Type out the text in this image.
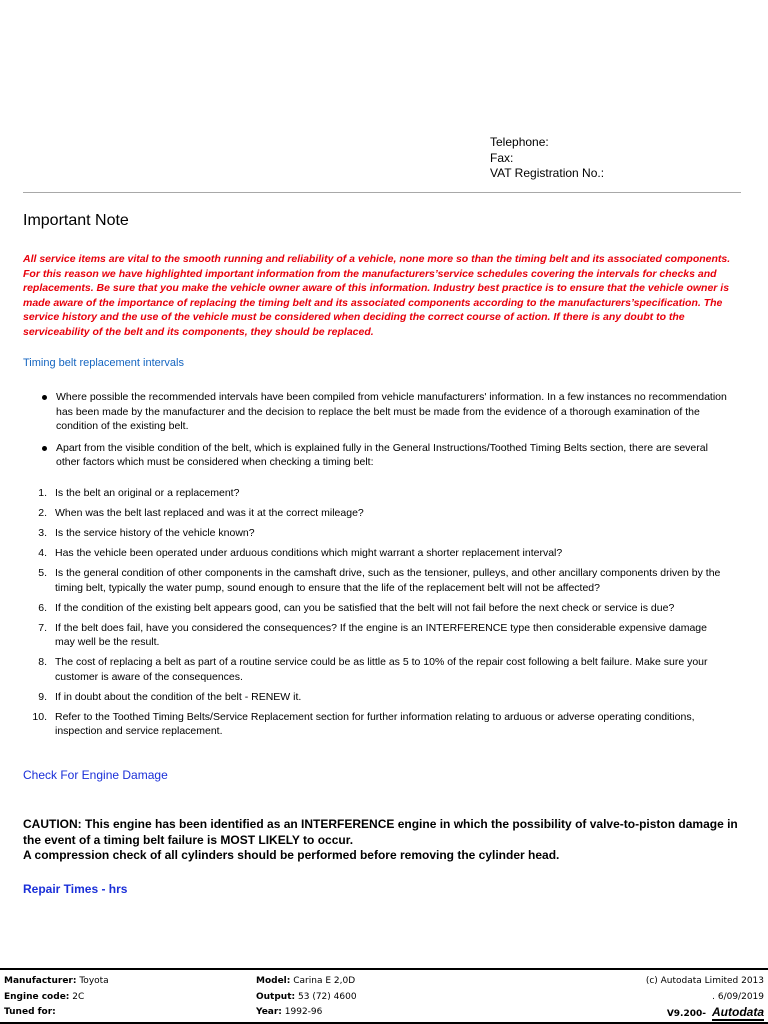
Telephone:
Fax:
VAT Registration No.:
Important Note

All service items are vital to the smooth running and reliability of a vehicle, none more so than the timing belt and its associated components. For this reason we have highlighted important information from the manufacturers’service schedules covering the intervals for checks and replacements. Be sure that you make the vehicle owner aware of this information. Industry best practice is to ensure that the vehicle owner is made aware of the importance of replacing the timing belt and its associated components according to the manufacturers’specification. The service history and the use of the vehicle must be considered when deciding the correct course of action. If there is any doubt to the serviceability of the belt and its components, they should be replaced.

Timing belt replacement intervals
Where possible the recommended intervals have been compiled from vehicle manufacturers' information. In a few instances no recommendation has been made by the manufacturer and the decision to replace the belt must be made from the evidence of a thorough examination of the condition of the existing belt.
Apart from the visible condition of the belt, which is explained fully in the General Instructions/Toothed Timing Belts section, there are several other factors which must be considered when checking a timing belt:
1. Is the belt an original or a replacement?
2. When was the belt last replaced and was it at the correct mileage?
3. Is the service history of the vehicle known?
4. Has the vehicle been operated under arduous conditions which might warrant a shorter replacement interval?
5. Is the general condition of other components in the camshaft drive, such as the tensioner, pulleys, and other ancillary components driven by the timing belt, typically the water pump, sound enough to ensure that the life of the replacement belt will not be affected?
6. If the condition of the existing belt appears good, can you be satisfied that the belt will not fail before the next check or service is due?
7. If the belt does fail, have you considered the consequences? If the engine is an INTERFERENCE type then considerable expensive damage may well be the result.
8. The cost of replacing a belt as part of a routine service could be as little as 5 to 10% of the repair cost following a belt failure. Make sure your customer is aware of the consequences.
9. If in doubt about the condition of the belt - RENEW it.
10. Refer to the Toothed Timing Belts/Service Replacement section for further information relating to arduous or adverse operating conditions, inspection and service replacement.
Check For Engine Damage
CAUTION: This engine has been identified as an INTERFERENCE engine in which the possibility of valve-to-piston damage in the event of a timing belt failure is MOST LIKELY to occur.
A compression check of all cylinders should be performed before removing the cylinder head.
Repair Times - hrs
Manufacturer: Toyota
Engine code: 2C
Tuned for:
Model: Carina E 2,0D
Output: 53 (72) 4600
Year: 1992-96
(c) Autodata Limited 2013
. 6/09/2019
V9.200- Autodata
